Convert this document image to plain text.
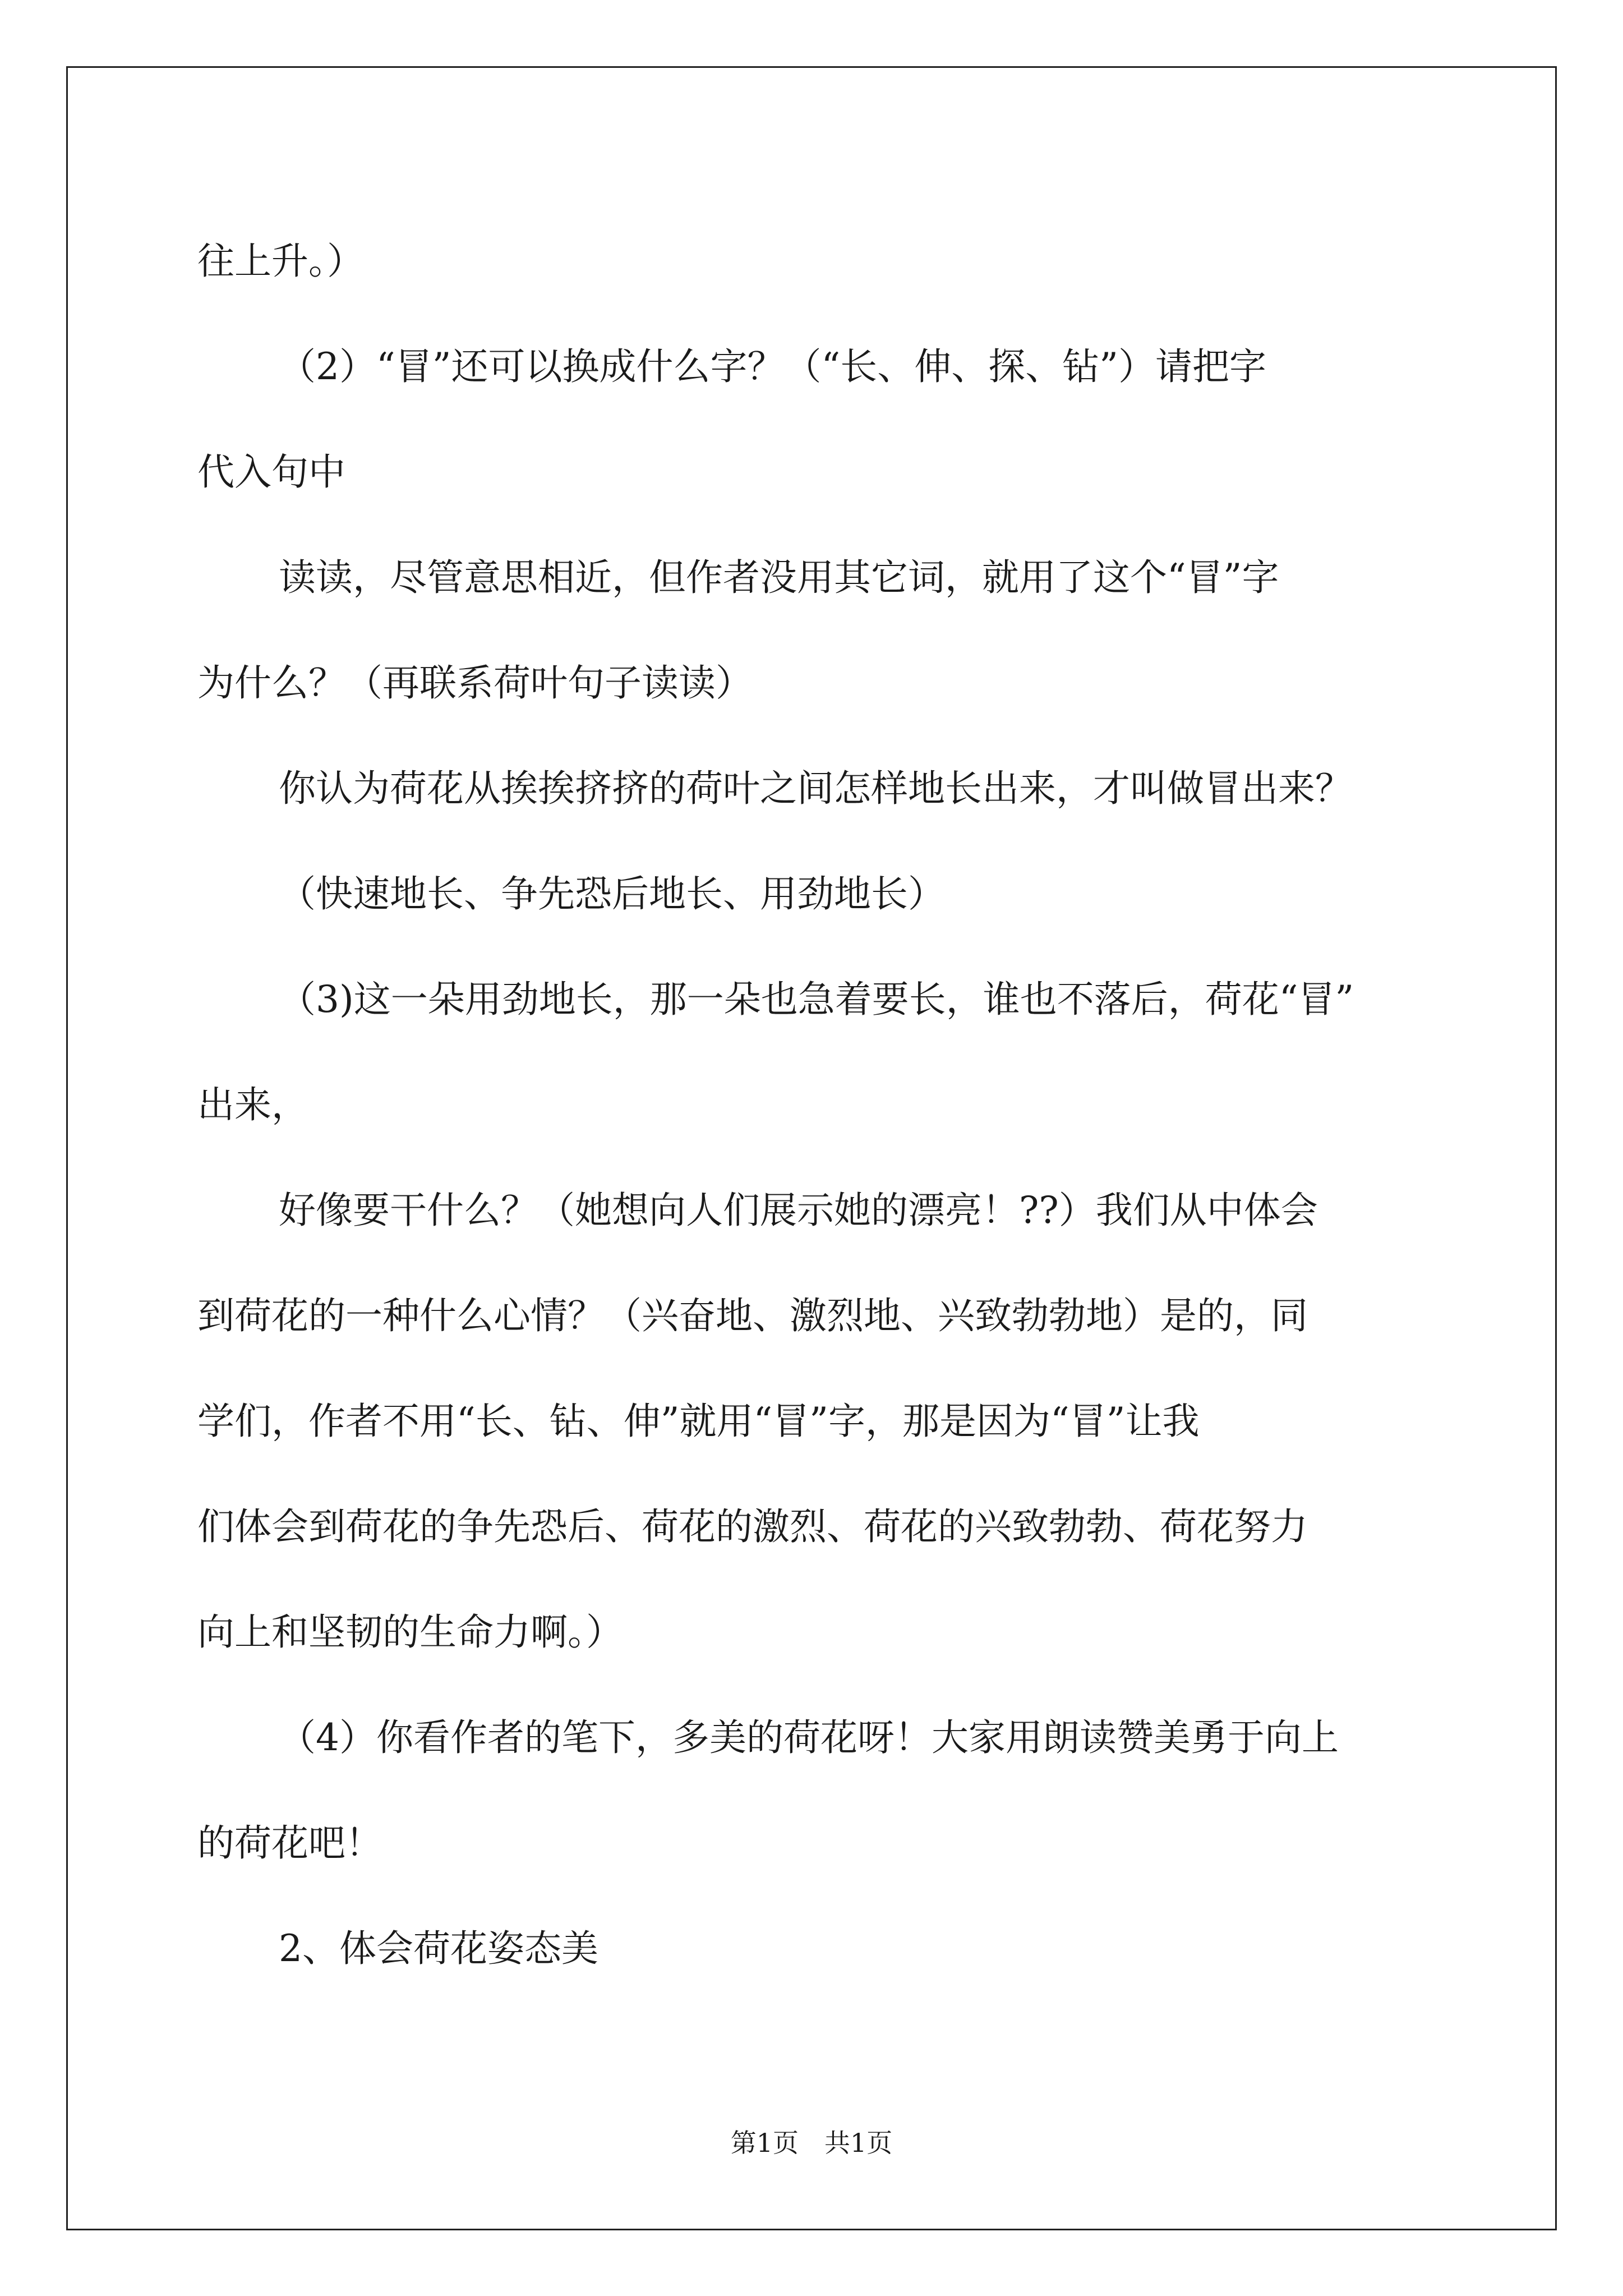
往上升。）

（2）“冒”还可以换成什么字？（“长、伸、探、钻”）请把字

代入句中

读读，尽管意思相近，但作者没用其它词，就用了这个“冒”字

为什么？（再联系荷叶句子读读）

你认为荷花从挨挨挤挤的荷叶之间怎样地长出来，才叫做冒出来？

（快速地长、争先恐后地长、用劲地长）

（3)这一朵用劲地长，那一朵也急着要长，谁也不落后，荷花“冒”

出来，

好像要干什么？（她想向人们展示她的漂亮！??）我们从中体会

到荷花的一种什么心情？（兴奋地、激烈地、兴致勃勃地）是的，同

学们，作者不用“长、钻、伸”就用“冒”字，那是因为“冒”让我

们体会到荷花的争先恐后、荷花的激烈、荷花的兴致勃勃、荷花努力

向上和坚韧的生命力啊。）

（4）你看作者的笔下，多美的荷花呀！大家用朗读赞美勇于向上

的荷花吧！

2、体会荷花姿态美

第1页　共1页
